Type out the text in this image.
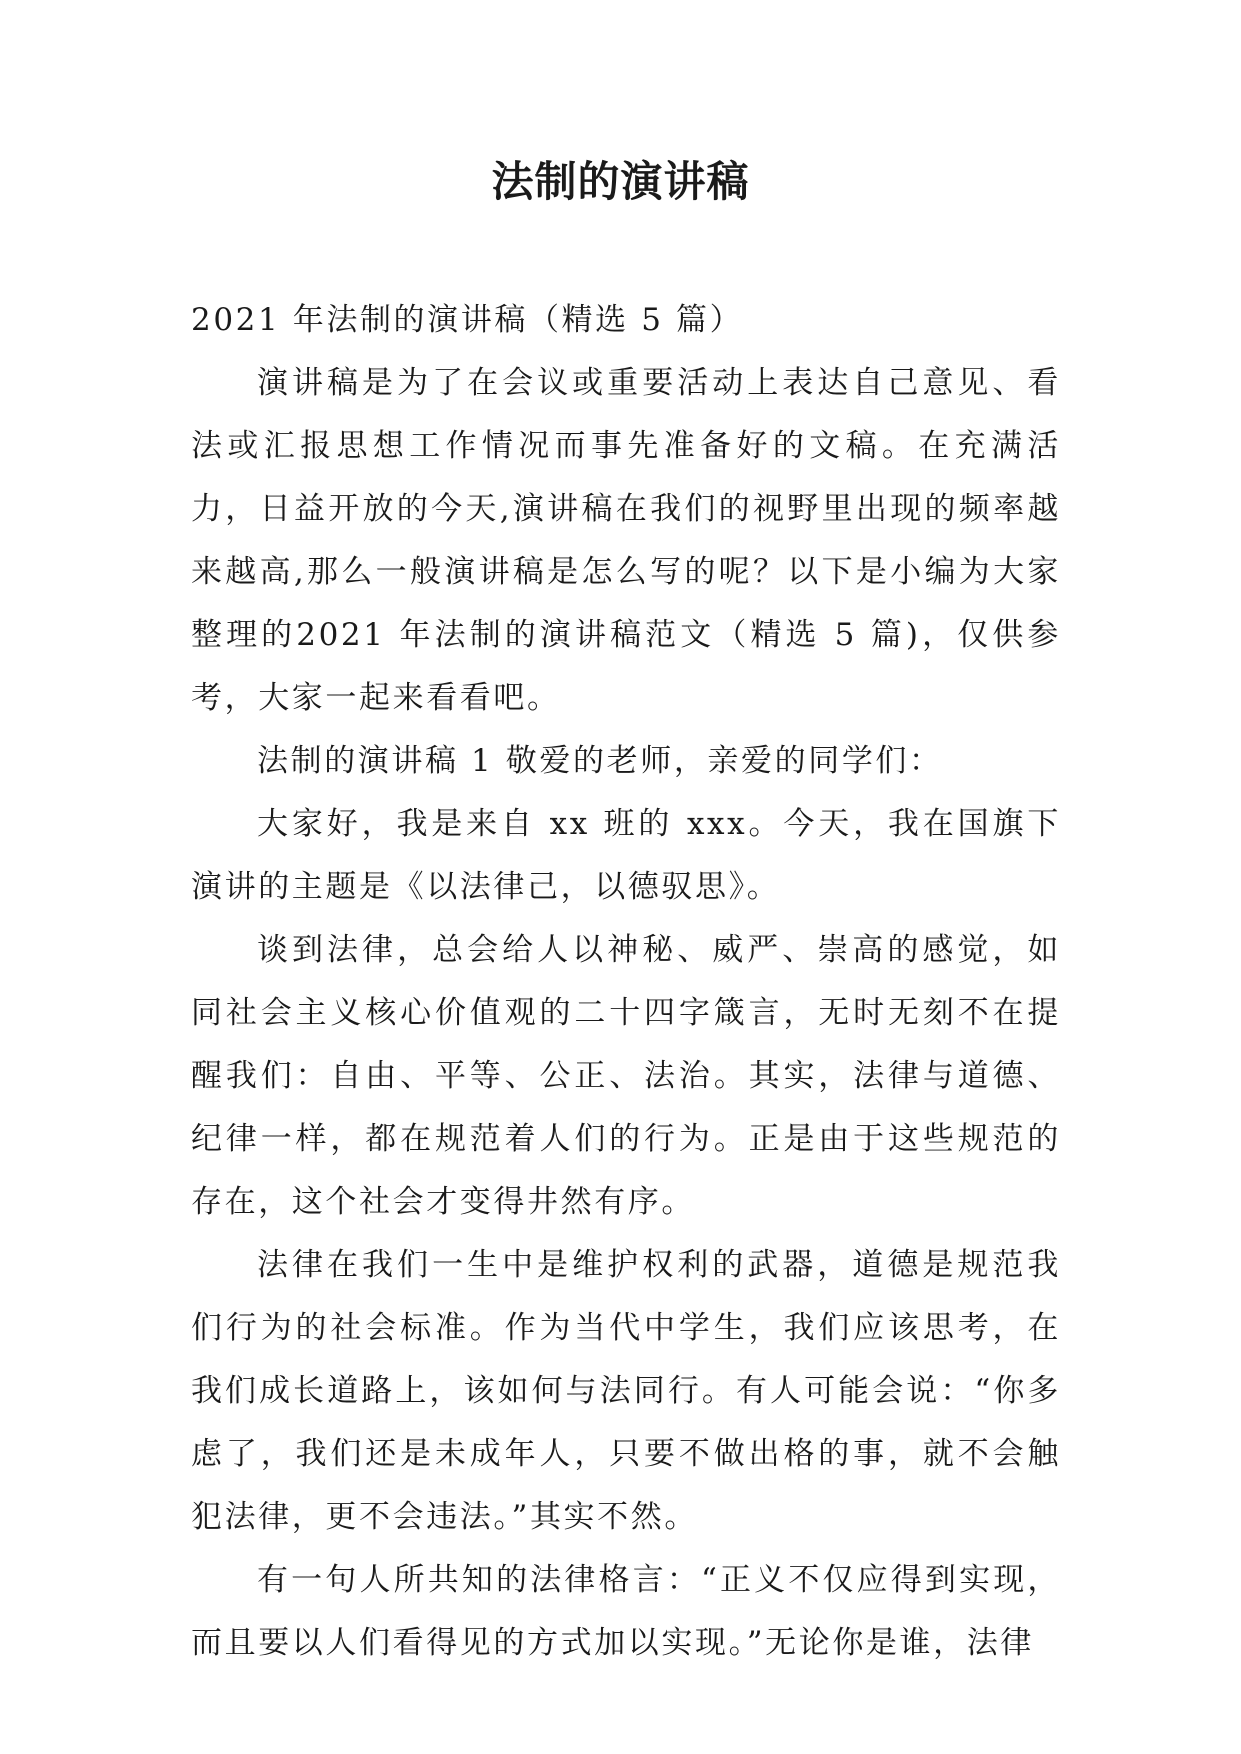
法制的演讲稿

2021 年法制的演讲稿（精选 5 篇）

演讲稿是为了在会议或重要活动上表达自己意见、看法或汇报思想工作情况而事先准备好的文稿。在充满活力，日益开放的今天,演讲稿在我们的视野里出现的频率越来越高,那么一般演讲稿是怎么写的呢？以下是小编为大家整理的2021 年法制的演讲稿范文（精选 5 篇)，仅供参考，大家一起来看看吧。

法制的演讲稿 1 敬爱的老师，亲爱的同学们：

大家好，我是来自 xx 班的 xxx。今天，我在国旗下演讲的主题是《以法律己，以德驭思》。

谈到法律，总会给人以神秘、威严、崇高的感觉，如同社会主义核心价值观的二十四字箴言，无时无刻不在提醒我们：自由、平等、公正、法治。其实，法律与道德、纪律一样，都在规范着人们的行为。正是由于这些规范的存在，这个社会才变得井然有序。

法律在我们一生中是维护权利的武器，道德是规范我们行为的社会标准。作为当代中学生，我们应该思考，在我们成长道路上，该如何与法同行。有人可能会说：“你多虑了，我们还是未成年人，只要不做出格的事，就不会触犯法律，更不会违法。”其实不然。

有一句人所共知的法律格言：“正义不仅应得到实现，而且要以人们看得见的方式加以实现。”无论你是谁，法律
